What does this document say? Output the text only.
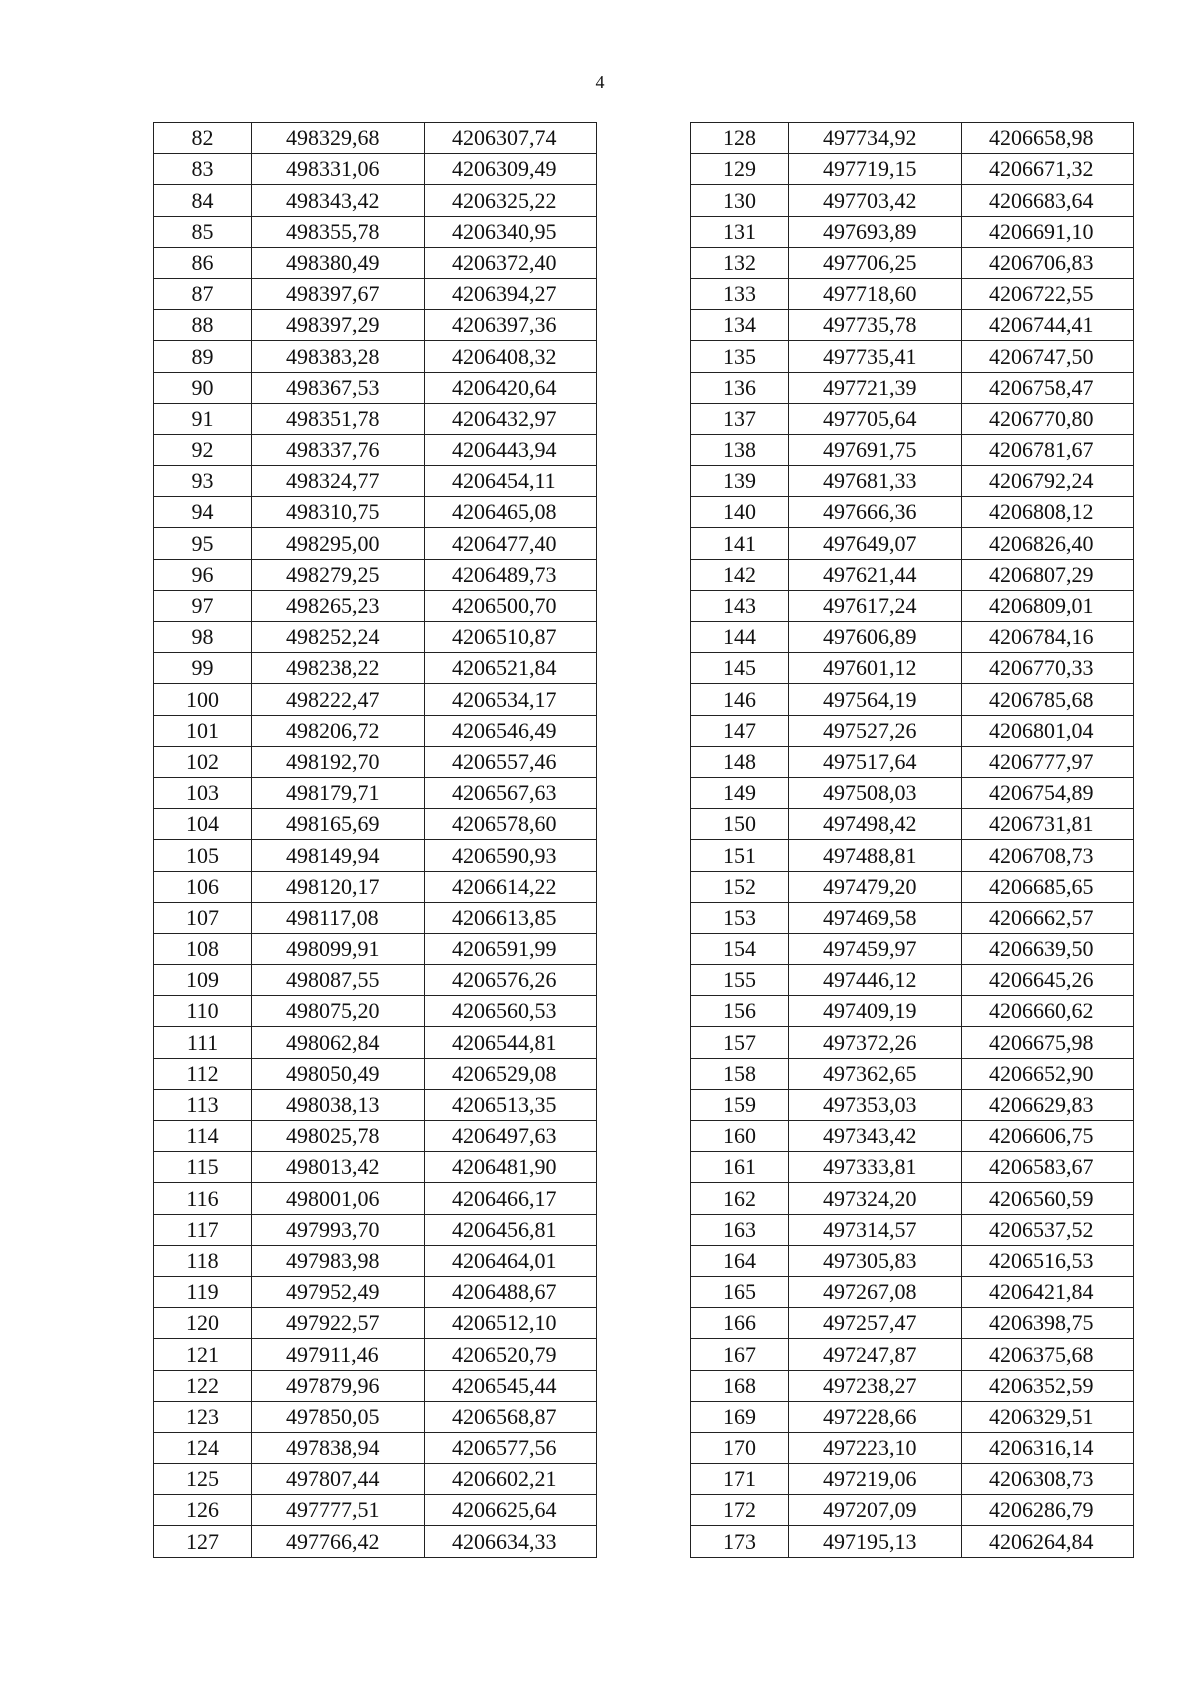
4
82	498329,68	4206307,74
83	498331,06	4206309,49
84	498343,42	4206325,22
85	498355,78	4206340,95
86	498380,49	4206372,40
87	498397,67	4206394,27
88	498397,29	4206397,36
89	498383,28	4206408,32
90	498367,53	4206420,64
91	498351,78	4206432,97
92	498337,76	4206443,94
93	498324,77	4206454,11
94	498310,75	4206465,08
95	498295,00	4206477,40
96	498279,25	4206489,73
97	498265,23	4206500,70
98	498252,24	4206510,87
99	498238,22	4206521,84
100	498222,47	4206534,17
101	498206,72	4206546,49
102	498192,70	4206557,46
103	498179,71	4206567,63
104	498165,69	4206578,60
105	498149,94	4206590,93
106	498120,17	4206614,22
107	498117,08	4206613,85
108	498099,91	4206591,99
109	498087,55	4206576,26
110	498075,20	4206560,53
111	498062,84	4206544,81
112	498050,49	4206529,08
113	498038,13	4206513,35
114	498025,78	4206497,63
115	498013,42	4206481,90
116	498001,06	4206466,17
117	497993,70	4206456,81
118	497983,98	4206464,01
119	497952,49	4206488,67
120	497922,57	4206512,10
121	497911,46	4206520,79
122	497879,96	4206545,44
123	497850,05	4206568,87
124	497838,94	4206577,56
125	497807,44	4206602,21
126	497777,51	4206625,64
127	497766,42	4206634,33
128	497734,92	4206658,98
129	497719,15	4206671,32
130	497703,42	4206683,64
131	497693,89	4206691,10
132	497706,25	4206706,83
133	497718,60	4206722,55
134	497735,78	4206744,41
135	497735,41	4206747,50
136	497721,39	4206758,47
137	497705,64	4206770,80
138	497691,75	4206781,67
139	497681,33	4206792,24
140	497666,36	4206808,12
141	497649,07	4206826,40
142	497621,44	4206807,29
143	497617,24	4206809,01
144	497606,89	4206784,16
145	497601,12	4206770,33
146	497564,19	4206785,68
147	497527,26	4206801,04
148	497517,64	4206777,97
149	497508,03	4206754,89
150	497498,42	4206731,81
151	497488,81	4206708,73
152	497479,20	4206685,65
153	497469,58	4206662,57
154	497459,97	4206639,50
155	497446,12	4206645,26
156	497409,19	4206660,62
157	497372,26	4206675,98
158	497362,65	4206652,90
159	497353,03	4206629,83
160	497343,42	4206606,75
161	497333,81	4206583,67
162	497324,20	4206560,59
163	497314,57	4206537,52
164	497305,83	4206516,53
165	497267,08	4206421,84
166	497257,47	4206398,75
167	497247,87	4206375,68
168	497238,27	4206352,59
169	497228,66	4206329,51
170	497223,10	4206316,14
171	497219,06	4206308,73
172	497207,09	4206286,79
173	497195,13	4206264,84
